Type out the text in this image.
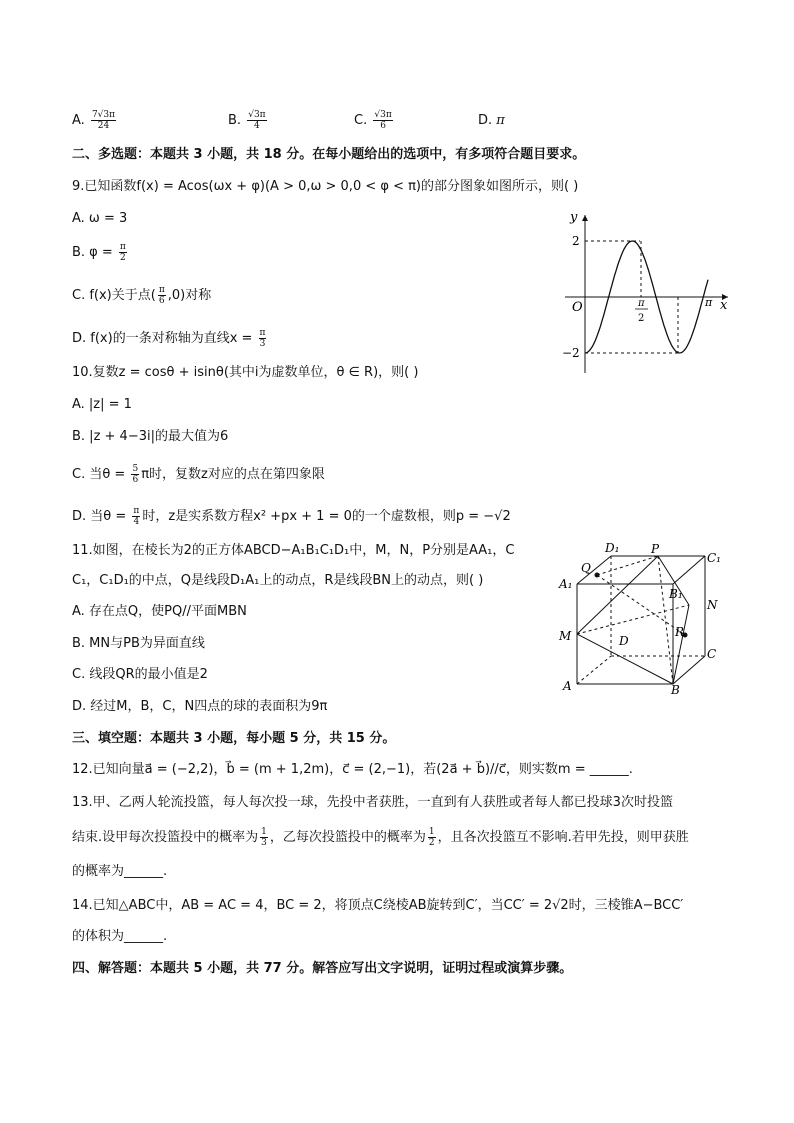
A. $\frac{7√3\pi}{24}$	B. $\frac{√3\pi}{4}$	C. $\frac{√3\pi}{6}$	D. π
二、多选题：本题共 3 小题，共 18 分。在每小题给出的选项中，有多项符合题目要求。
9.已知函数f(x) = Acos(ωx + φ)(A > 0,ω > 0,0 < φ < π)的部分图象如图所示，则( )
A. ω = 3
B. $\varphi = \frac{\pi}{2}$
C. f(x)关于点( $\frac{\pi}{6} ,0$)对称
D. f(x)的一条对称轴为直线$x = \frac{\pi}{3}$
y
x
O
2
−2
π
2
π
10.复数z = cosθ + isinθ(其中i为虚数单位，θ ∈ R)，则( )
A. |z| = 1
B. |z + 4−3i|的最大值为6
C. 当$\theta = \frac{5}{6}$ π时，复数z对应的点在第四象限
D. 当$\theta = \frac{\pi}{4}$ 时，z是实系数方程x² +px + 1 = 0的一个虚数根，则p = −√2
11.如图，在棱长为2的正方体ABCD−A₁B₁C₁D₁中，M，N，P分别是AA₁，C
C₁，C₁D₁的中点，Q是线段D₁A₁上的动点，R是线段BN上的动点，则( )
A. 存在点Q，使PQ//平面MBN
B. MN与PB为异面直线
C. 线段QR的最小值是2
D. 经过M，B，C，N四点的球的表面积为9π
D₁	P
C₁
Q
A₁
B₁
N
M	D
R
C
A	B
三、填空题：本题共 3 小题，每小题 5 分，共 15 分。
12.已知向量a⃗ = (−2,2)，b⃗ = (m + 1,2m)，c⃗ = (2,−1)，若(2a⃗ + b⃗)//c⃗，则实数m = ______.
13.甲、乙两人轮流投篮，每人每次投一球，先投中者获胜，一直到有人获胜或者每人都已投球3次时投篮
结束.设甲每次投篮投中的概率为 $\frac{1}{3}$ ，乙每次投篮投中的概率为 $\frac{1}{2}$ ，且各次投篮互不影响.若甲先投，则甲获胜
的概率为______.
14.已知△ABC中，AB = AC = 4，BC = 2，将顶点C绕棱AB旋转到C′，当CC′ = 2√2时，三棱锥A−BCC′
的体积为______.
四、解答题：本题共 5 小题，共 77 分。解答应写出文字说明，证明过程或演算步骤。
